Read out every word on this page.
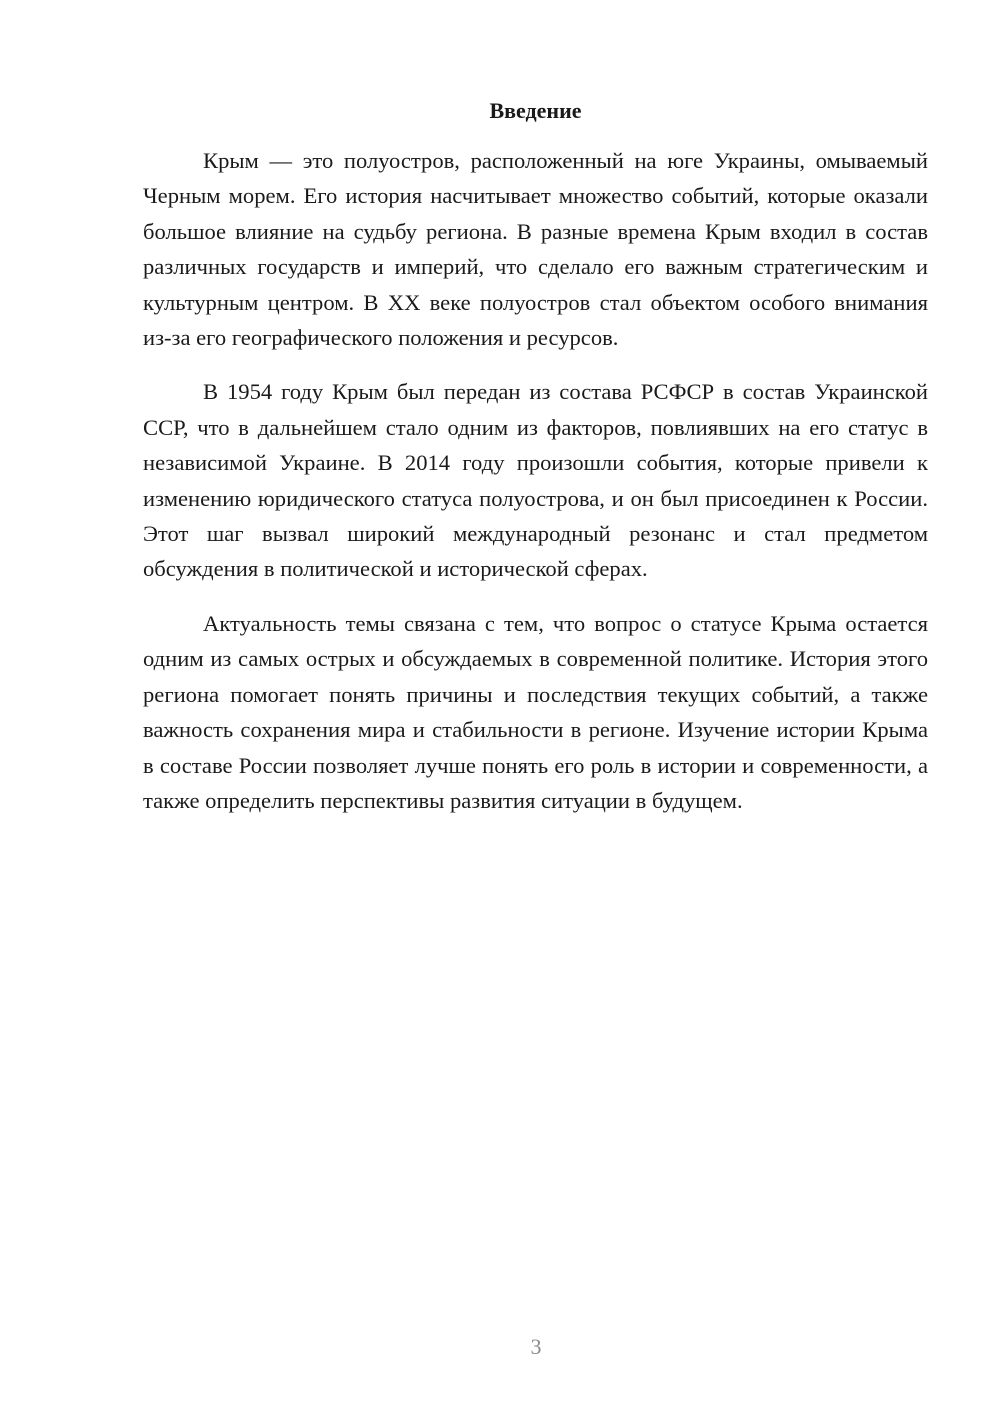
Введение

Крым — это полуостров, расположенный на юге Украины, омываемый Черным морем. Его история насчитывает множество событий, которые оказали большое влияние на судьбу региона. В разные времена Крым входил в состав различных государств и империй, что сделало его важным стратегическим и культурным центром. В XX веке полуостров стал объектом особого внимания из-за его географического положения и ресурсов.

В 1954 году Крым был передан из состава РСФСР в состав Украинской ССР, что в дальнейшем стало одним из факторов, повлиявших на его статус в независимой Украине. В 2014 году произошли события, которые привели к изменению юридического статуса полуострова, и он был присоединен к России. Этот шаг вызвал широкий международный резонанс и стал предметом обсуждения в политической и исторической сферах.

Актуальность темы связана с тем, что вопрос о статусе Крыма остается одним из самых острых и обсуждаемых в современной политике. История этого региона помогает понять причины и последствия текущих событий, а также важность сохранения мира и стабильности в регионе. Изучение истории Крыма в составе России позволяет лучше понять его роль в истории и современности, а также определить перспективы развития ситуации в будущем.

3
